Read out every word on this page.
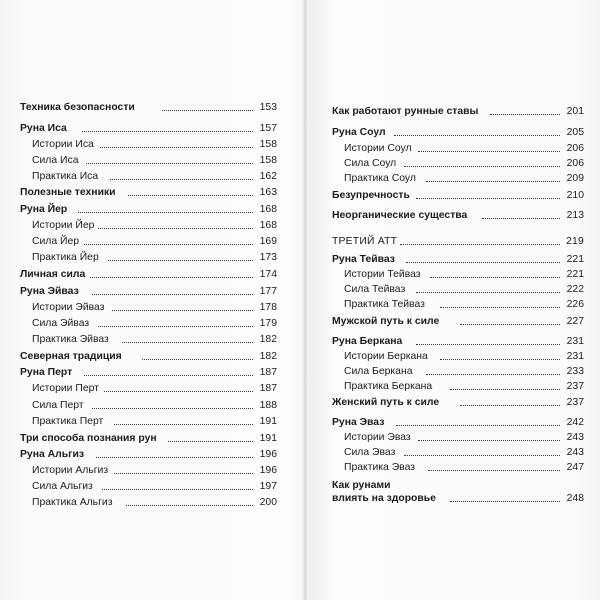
Техника безопасности	153
Руна Иса	157
Истории Иса	158
Сила Иса	158
Практика Иса	162
Полезные техники	163
Руна Йер	168
Истории Йер	168
Сила Йер	169
Практика Йер	173
Личная сила	174
Руна Эйваз	177
Истории Эйваз	178
Сила Эйваз	179
Практика Эйваз	182
Северная традиция	182
Руна Перт	187
Истории Перт	187
Сила Перт	188
Практика Перт	191
Три способа познания рун	191
Руна Альгиз	196
Истории Альгиз	196
Сила Альгиз	197
Практика Альгиз	200
Как работают рунные ставы	201
Руна Соул	205
Истории Соул	206
Сила Соул	206
Практика Соул	209
Безупречность	210
Неорганические существа	213
ТРЕТИЙ АТТ	219
Руна Тейваз	221
Истории Тейваз	221
Сила Тейваз	222
Практика Тейваз	226
Мужской путь к силе	227
Руна Беркана	231
Истории Беркана	231
Сила Беркана	233
Практика Беркана	237
Женский путь к силе	237
Руна Эваз	242
Истории Эваз	243
Сила Эваз	243
Практика Эваз	247
Как рунами
влиять на здоровье	248
